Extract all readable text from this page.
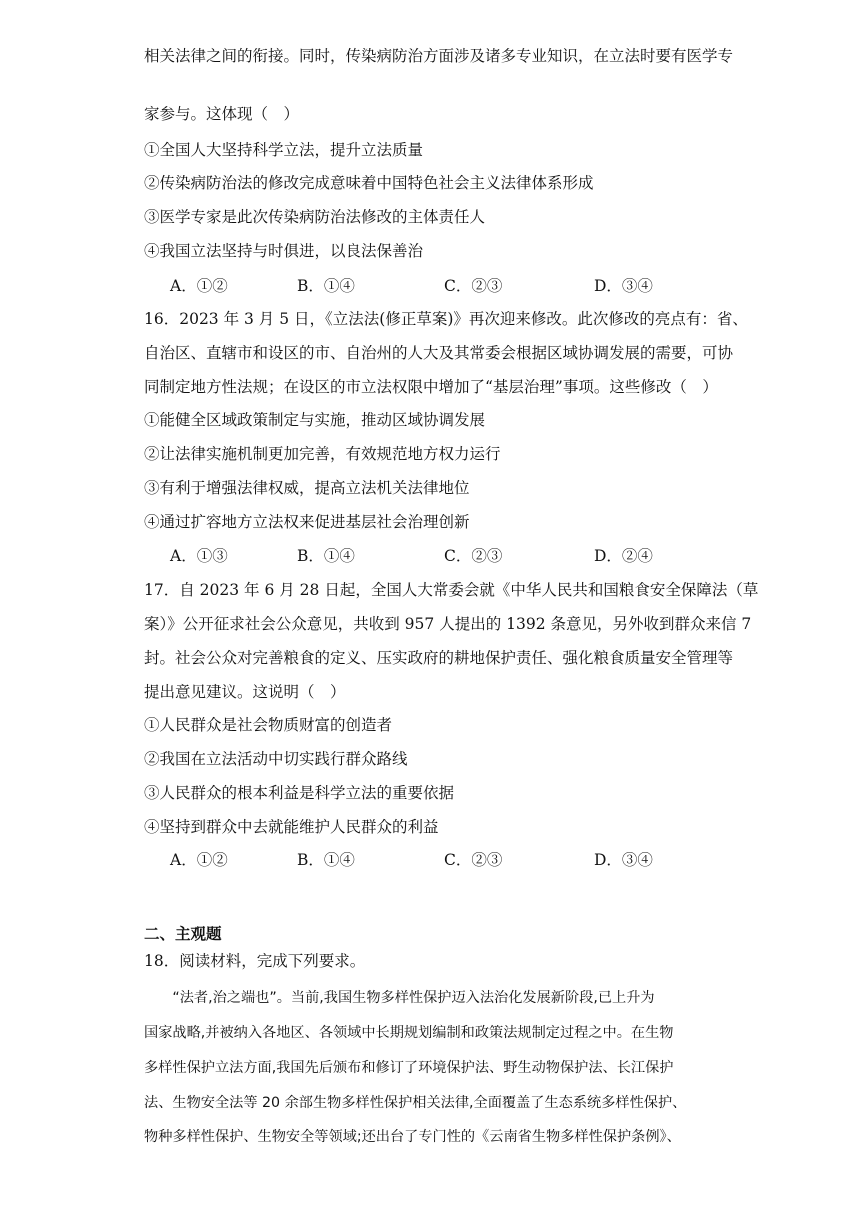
相关法律之间的衔接。同时，传染病防治方面涉及诸多专业知识，在立法时要有医学专
家参与。这体现（　）
①全国人大坚持科学立法，提升立法质量
②传染病防治法的修改完成意味着中国特色社会主义法律体系形成
③医学专家是此次传染病防治法修改的主体责任人
④我国立法坚持与时俱进，以良法保善治
A．①②	B．①④	C．②③	D．③④
16．2023 年 3 月 5 日，《立法法(修正草案)》再次迎来修改。此次修改的亮点有：省、
自治区、直辖市和设区的市、自治州的人大及其常委会根据区域协调发展的需要，可协
同制定地方性法规；在设区的市立法权限中增加了“基层治理”事项。这些修改（　）
①能健全区域政策制定与实施，推动区域协调发展
②让法律实施机制更加完善，有效规范地方权力运行
③有利于增强法律权威，提高立法机关法律地位
④通过扩容地方立法权来促进基层社会治理创新
A．①③	B．①④	C．②③	D．②④
17．自 2023 年 6 月 28 日起，全国人大常委会就《中华人民共和国粮食安全保障法（草
案）》公开征求社会公众意见，共收到 957 人提出的 1392 条意见，另外收到群众来信 7
封。社会公众对完善粮食的定义、压实政府的耕地保护责任、强化粮食质量安全管理等
提出意见建议。这说明（　）
①人民群众是社会物质财富的创造者
②我国在立法活动中切实践行群众路线
③人民群众的根本利益是科学立法的重要依据
④坚持到群众中去就能维护人民群众的利益
A．①②	B．①④	C．②③	D．③④
二、主观题
18．阅读材料，完成下列要求。
　　“法者,治之端也”。当前,我国生物多样性保护迈入法治化发展新阶段,已上升为
国家战略,并被纳入各地区、各领域中长期规划编制和政策法规制定过程之中。在生物
多样性保护立法方面,我国先后颁布和修订了环境保护法、野生动物保护法、长江保护
法、生物安全法等 20 余部生物多样性保护相关法律,全面覆盖了生态系统多样性保护、
物种多样性保护、生物安全等领域;还出台了专门性的《云南省生物多样性保护条例》、
